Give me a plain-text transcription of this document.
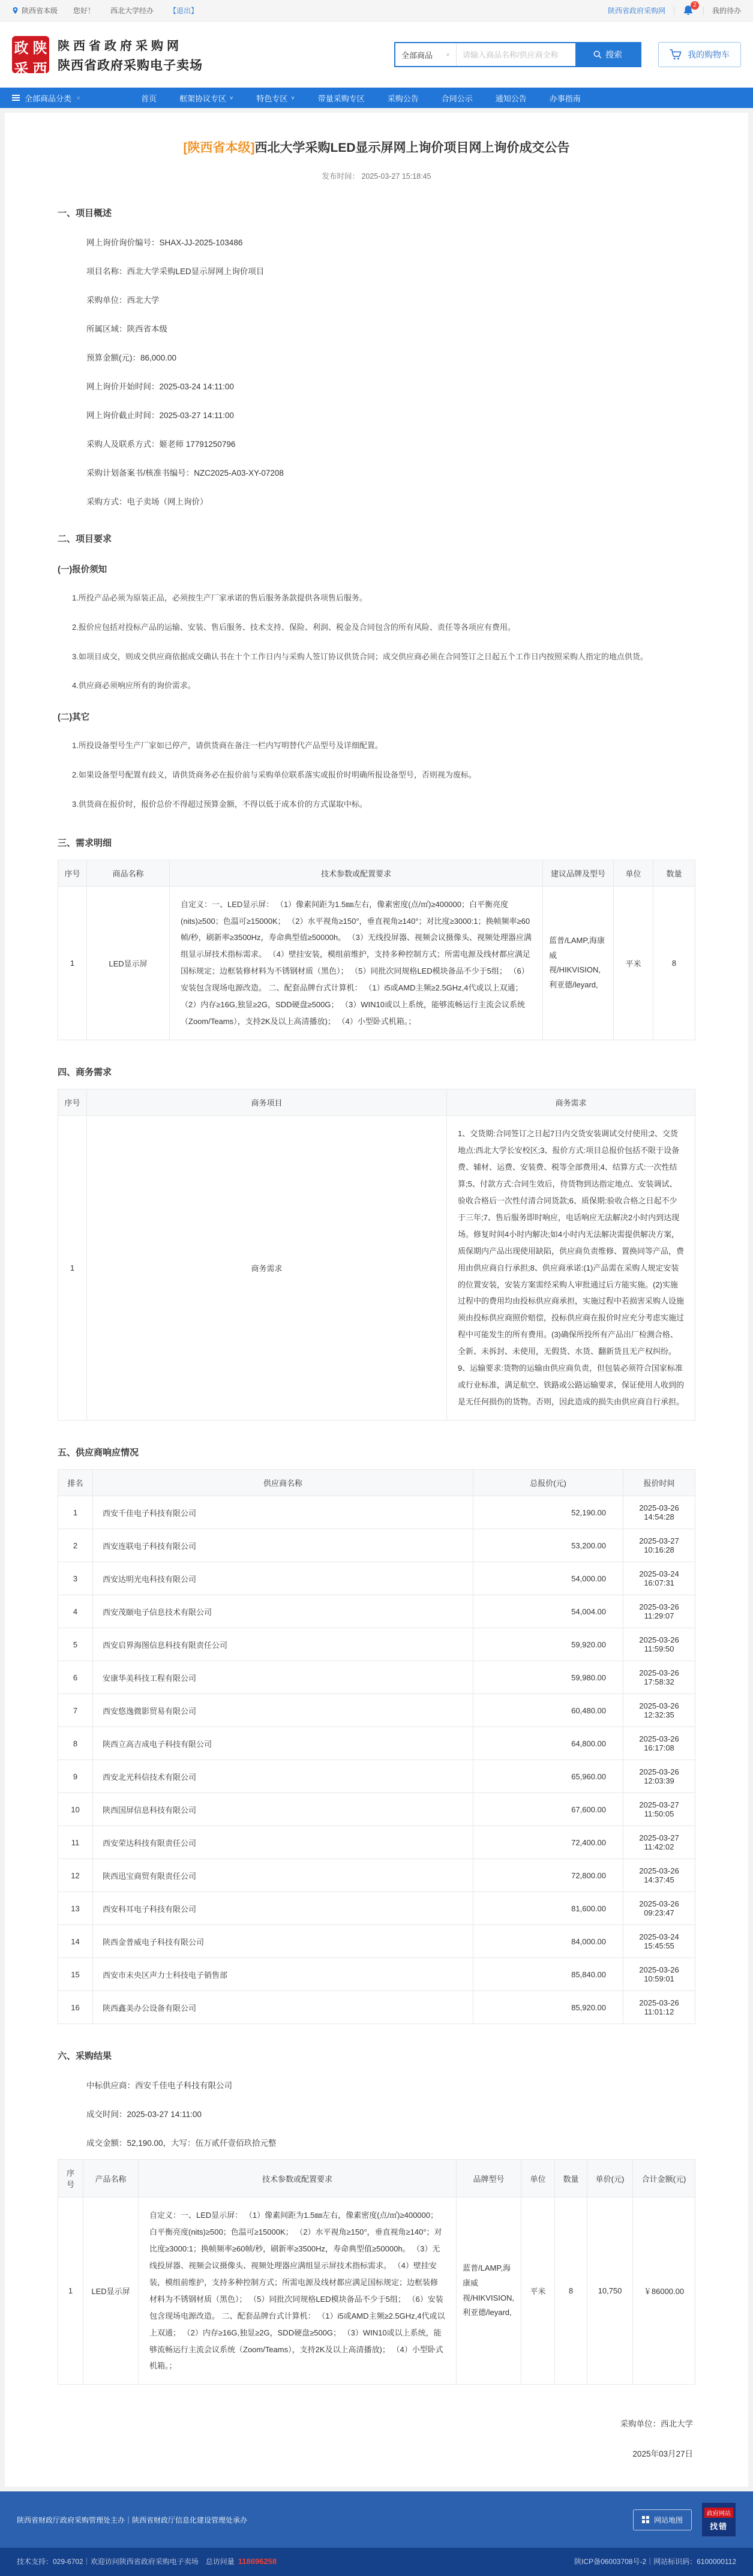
陕西省本级 您好！ 西北大学经办 【退出】	陕西省政府采购网
2
我的待办
政 陕
采 西
陕西省政府采购网
陕西省政府采购电子卖场
全部商品 ∨
请输入商品名称/供应商全称	搜索	我的购物车
全部商品分类 ∨	首页	框架协议专区 ∨	特色专区 ∨	带量采购专区	采购公告	合同公示	通知公告	办事指南
[陕西省本级]西北大学采购LED显示屏网上询价项目网上询价成交公告
发布时间： 2025-03-27 15:18:45
一、项目概述
网上询价询价编号：SHAX-JJ-2025-103486
项目名称：西北大学采购LED显示屏网上询价项目
采购单位：西北大学
所属区域：陕西省本级
预算金额(元)：86,000.00
网上询价开始时间：2025-03-24 14:11:00
网上询价截止时间：2025-03-27 14:11:00
采购人及联系方式：姬老师 17791250796
采购计划备案书/核准书编号：NZC2025-A03-XY-07208
采购方式：电子卖场（网上询价）
二、项目要求
(一)报价须知

1.所投产品必须为原装正品，必须按生产厂家承诺的售后服务条款提供各项售后服务。

2.报价应包括对投标产品的运输、安装、售后服务、技术支持、保险、利润、税金及合同包含的所有风险、责任等各项应有费用。

3.如项目成交，则成交供应商依据成交确认书在十个工作日内与采购人签订协议供货合同；成交供应商必须在合同签订之日起五个工作日内按照采购人指定的地点供货。

4.供应商必须响应所有的询价需求。

(二)其它

1.所投设备型号生产厂家如已停产，请供货商在备注一栏内写明替代产品型号及详细配置。

2.如果设备型号配置有歧义，请供货商务必在报价前与采购单位联系落实或报价时明确所报设备型号，否则视为废标。

3.供货商在报价时，报价总价不得超过预算金额，不得以低于成本价的方式谋取中标。

三、需求明细
序号	商品名称	技术参数或配置要求	建议品牌及型号	单位	数量
1	LED显示屏	自定义：一、LED显示屏： （1）像素间距为1.5㎜左右，像素密度(点/㎡)≥400000；白平衡亮度(nits)≥500；色温可≥15000K； （2）水平视角≥150°，垂直视角≥140°；对比度≥3000:1；换帧频率≥60帧/秒，刷新率≥3500Hz，寿命典型值≥50000h。 （3）无线投屏器、视频会议摄像头、视频处理器应满组显示屏技术指标需求。 （4）壁挂安装，模组前维护，支持多种控制方式；所需电源及线材都应满足国标规定；边框装修材料为不锈钢材质（黑色）； （5）同批次同规格LED模块备品不少于5组； （6）安装包含现场电源改造。 二、配套品牌台式计算机： （1）i5或AMD主频≥2.5GHz,4代或以上双通； （2）内存≥16G,独显≥2G，SDD硬盘≥500G； （3）WIN10或以上系统，能够流畅运行主流会议系统（Zoom/Teams），支持2K及以上高清播放)； （4）小型卧式机箱。；	蓝普/LAMP,海康威视/HIKVISION,利亚德/leyard,	平米	8
四、商务需求
序号	商务项目	商务需求
1	商务需求	1、交货期:合同签订之日起7日内交货安装调试交付使用;2、交货地点:西北大学长安校区;3、报价方式:项目总报价包括不限于设备费、辅材、运费、安装费、税等全部费用;4、结算方式:一次性结算;5、付款方式:合同生效后，待货物到达指定地点、安装调试、验收合格后一次性付清合同货款;6、质保期:验收合格之日起不少于三年;7、售后服务即时响应，电话响应无法解决2小时内到达现场。修复时间4小时内解决;如4小时内无法解决需提供解决方案，质保期内产品出现使用缺陷，供应商负责维修、置换同等产品，费用由供应商自行承担;8、供应商承诺:(1)产品需在采购人规定安装的位置安装，安装方案需经采购人审批通过后方能实施。(2)实施过程中的费用均由投标供应商承担，实施过程中若损害采购人设施须由投标供应商照价赔偿，投标供应商在报价时应充分考虑实施过程中可能发生的所有费用。(3)确保所投所有产品出厂检测合格、全新、未拆封、未使用，无假货、水货、翻新货且无产权纠纷。9、运输要求:货物的运输由供应商负责，但包装必须符合国家标准或行业标准，满足航空、铁路或公路运输要求，保证使用人收到的是无任何损伤的货物。否则，因此造成的损失由供应商自行承担。
五、供应商响应情况
排名	供应商名称	总报价(元)	报价时间
1	西安千佳电子科技有限公司	52,190.00	2025-03-26 14:54:28
2	西安连联电子科技有限公司	53,200.00	2025-03-27 10:16:28
3	西安达明光电科技有限公司	54,000.00	2025-03-24 16:07:31
4	西安茂颐电子信息技术有限公司	54,004.00	2025-03-26 11:29:07
5	西安启界海图信息科技有限责任公司	59,920.00	2025-03-26 11:59:50
6	安康华美科技工程有限公司	59,980.00	2025-03-26 17:58:32
7	西安悠逸微影贸易有限公司	60,480.00	2025-03-26 12:32:35
8	陕西立高吉成电子科技有限公司	64,800.00	2025-03-26 16:17:08
9	西安北光科信技术有限公司	65,960.00	2025-03-26 12:03:39
10	陕西国屏信息科技有限公司	67,600.00	2025-03-27 11:50:05
11	西安荣达科技有限责任公司	72,400.00	2025-03-27 11:42:02
12	陕西迅宝商贸有限责任公司	72,800.00	2025-03-26 14:37:45
13	西安科耳电子科技有限公司	81,600.00	2025-03-26 09:23:47
14	陕西金普威电子科技有限公司	84,000.00	2025-03-24 15:45:55
15	西安市未央区声力士科技电子销售部	85,840.00	2025-03-26 10:59:01
16	陕西鑫美办公设备有限公司	85,920.00	2025-03-26 11:01:12
六、采购结果
中标供应商：西安千佳电子科技有限公司
成交时间：2025-03-27 14:11:00
成交金额：52,190.00，大写：伍万贰仟壹佰玖拾元整
序号	产品名称	技术参数或配置要求	品牌型号	单位	数量	单价(元)	合计金额(元)
1	LED显示屏	自定义：一、LED显示屏： （1）像素间距为1.5㎜左右，像素密度(点/㎡)≥400000；白平衡亮度(nits)≥500；色温可≥15000K； （2）水平视角≥150°，垂直视角≥140°；对比度≥3000:1；换帧频率≥60帧/秒，刷新率≥3500Hz，寿命典型值≥50000h。 （3）无线投屏器、视频会议摄像头、视频处理器应满组显示屏技术指标需求。 （4）壁挂安装，模组前维护，支持多种控制方式；所需电源及线材都应满足国标规定；边框装修材料为不锈钢材质（黑色）； （5）同批次同规格LED模块备品不少于5组； （6）安装包含现场电源改造。 二、配套品牌台式计算机： （1）i5或AMD主频≥2.5GHz,4代或以上双通； （2）内存≥16G,独显≥2G，SDD硬盘≥500G； （3）WIN10或以上系统，能够流畅运行主流会议系统（Zoom/Teams），支持2K及以上高清播放)； （4）小型卧式机箱。；	蓝普/LAMP,海康威视/HIKVISION,利亚德/leyard,	平米	8	10,750	￥86000.00
采购单位：西北大学
2025年03月27日
陕西省财政厅政府采购管理处主办｜陕西省财政厅信息化建设管理处承办	网站地图
政府网站
找错
技术支持：029-6702｜欢迎访问陕西省政府采购电子卖场　总访问量 118696258	陕ICP备06003708号-2｜网站标识码：6100000112
